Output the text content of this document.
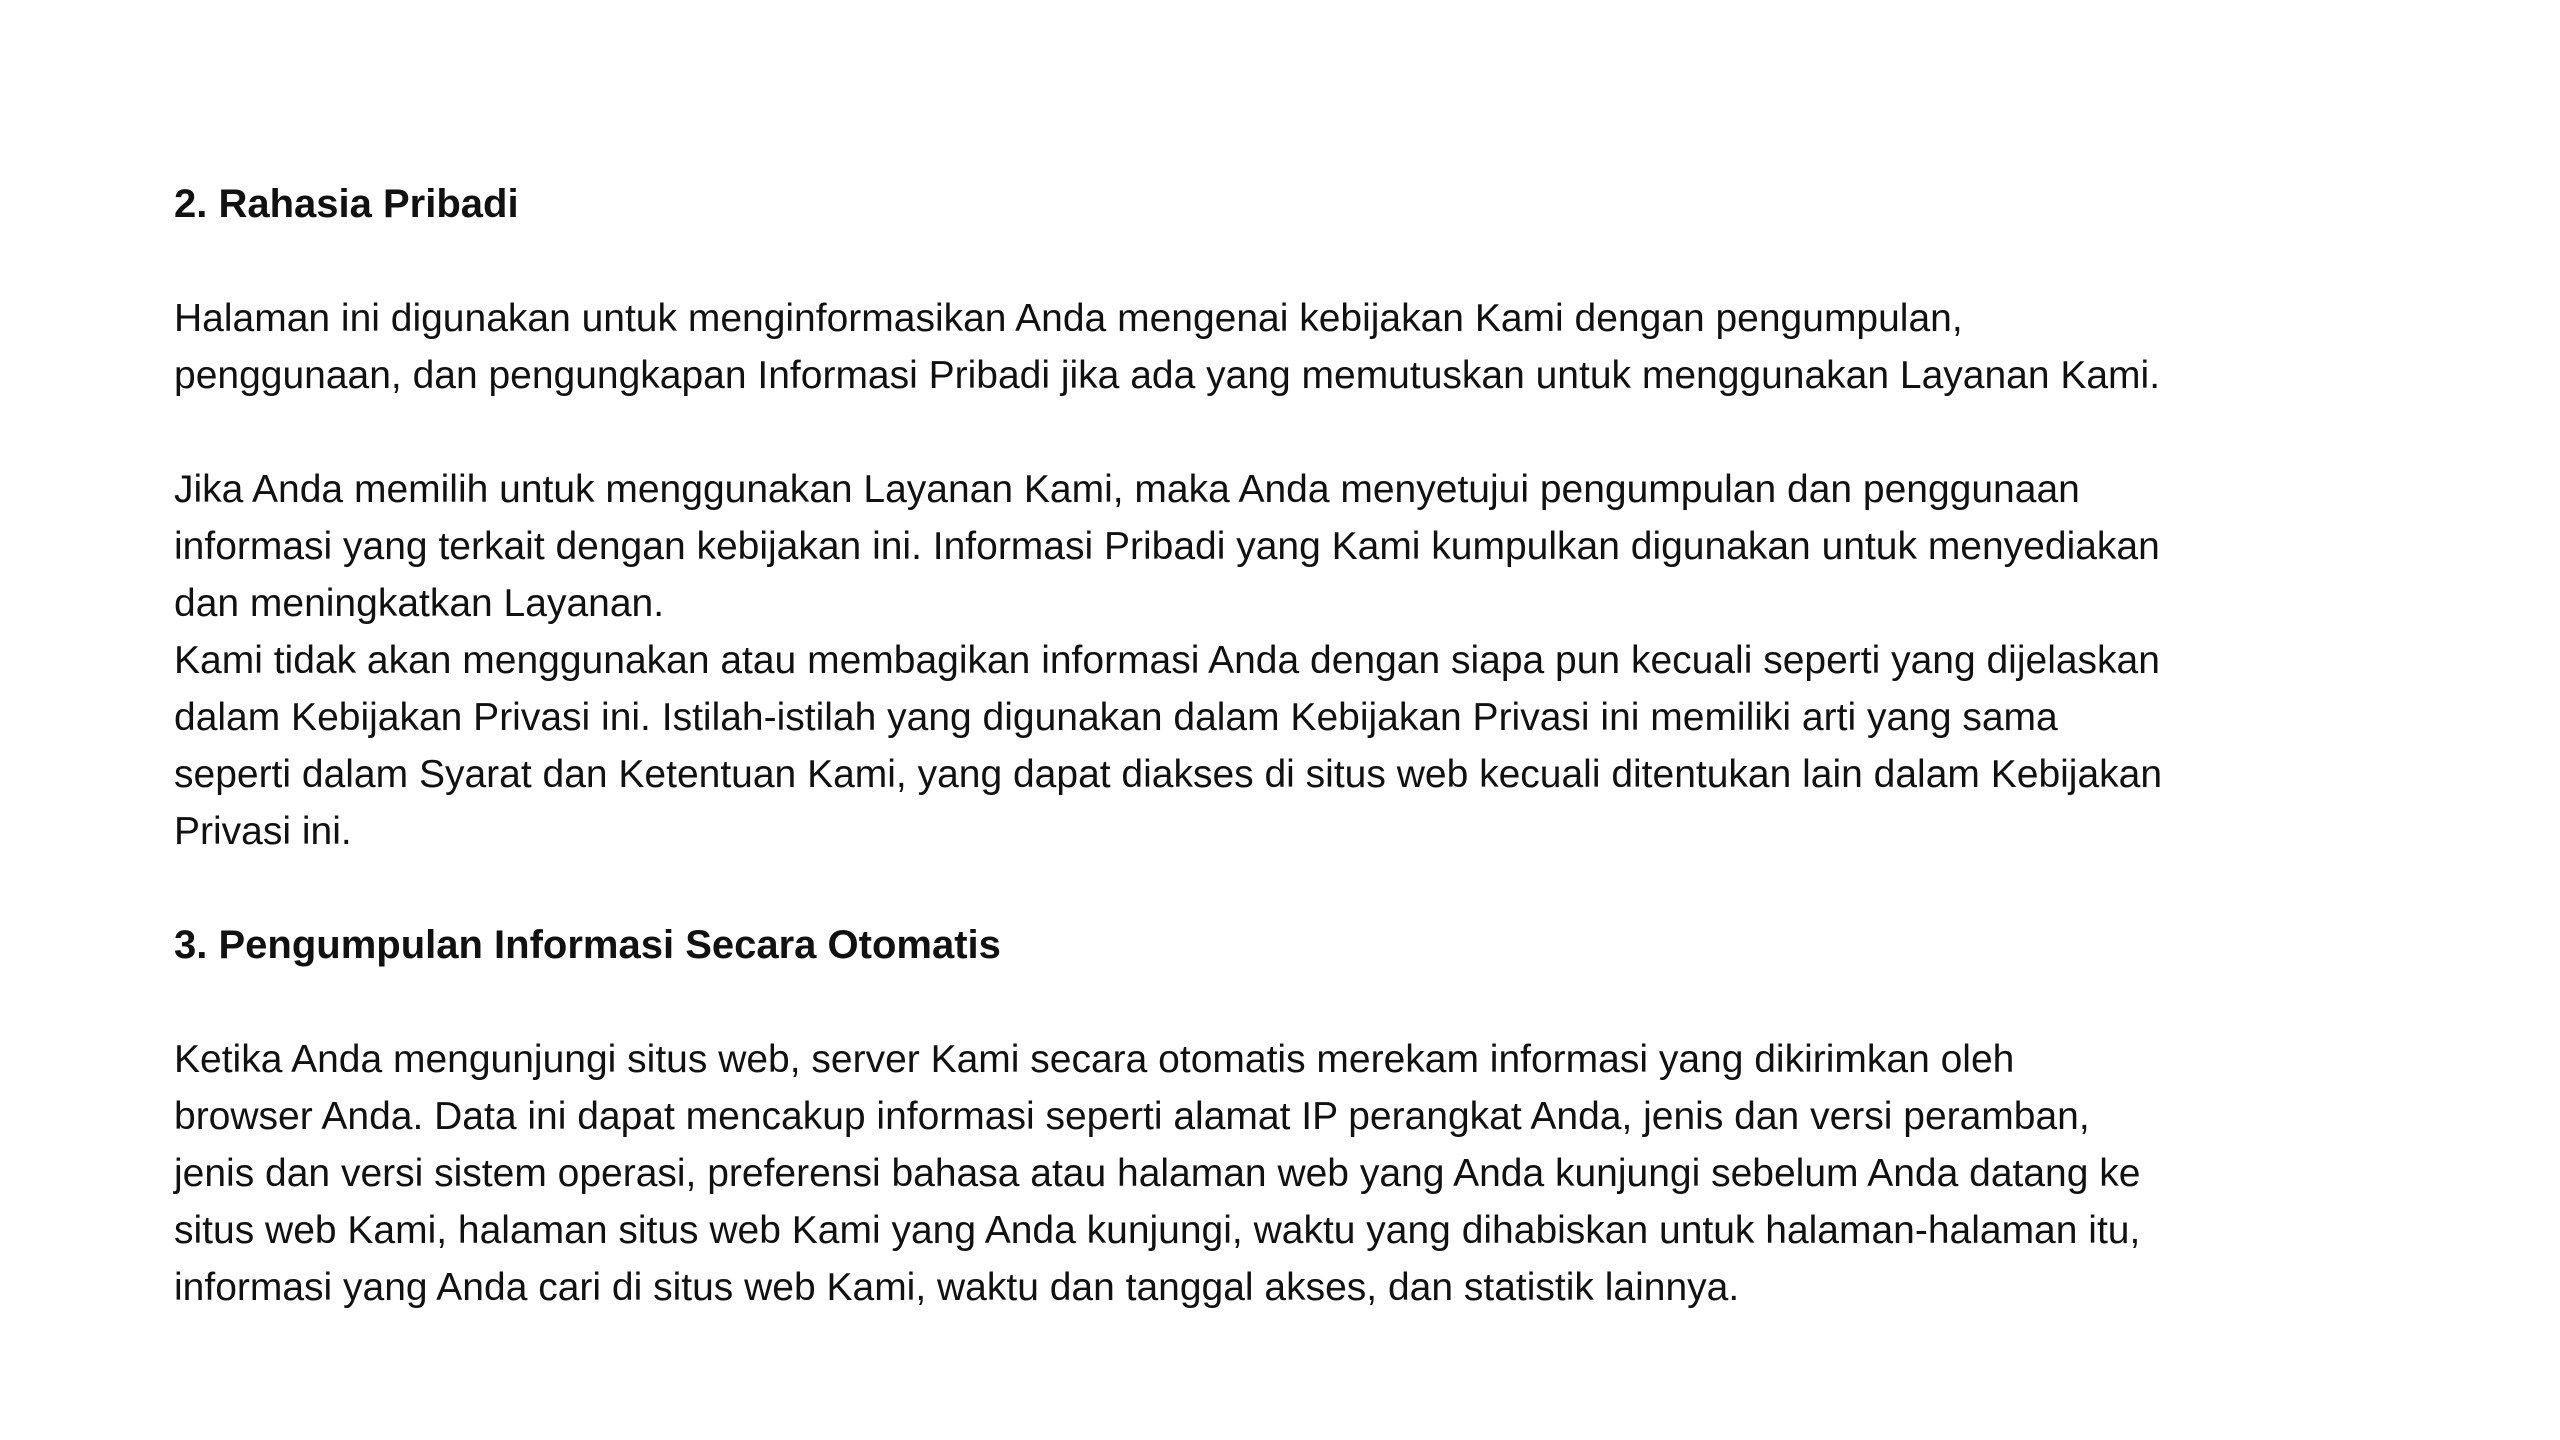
2. Rahasia Pribadi

Halaman ini digunakan untuk menginformasikan Anda mengenai kebijakan Kami dengan pengumpulan,
penggunaan, dan pengungkapan Informasi Pribadi jika ada yang memutuskan untuk menggunakan Layanan Kami.

Jika Anda memilih untuk menggunakan Layanan Kami, maka Anda menyetujui pengumpulan dan penggunaan
informasi yang terkait dengan kebijakan ini. Informasi Pribadi yang Kami kumpulkan digunakan untuk menyediakan
dan meningkatkan Layanan.
Kami tidak akan menggunakan atau membagikan informasi Anda dengan siapa pun kecuali seperti yang dijelaskan
dalam Kebijakan Privasi ini. Istilah-istilah yang digunakan dalam Kebijakan Privasi ini memiliki arti yang sama
seperti dalam Syarat dan Ketentuan Kami, yang dapat diakses di situs web kecuali ditentukan lain dalam Kebijakan
Privasi ini.

3. Pengumpulan Informasi Secara Otomatis

Ketika Anda mengunjungi situs web, server Kami secara otomatis merekam informasi yang dikirimkan oleh
browser Anda. Data ini dapat mencakup informasi seperti alamat IP perangkat Anda, jenis dan versi peramban,
jenis dan versi sistem operasi, preferensi bahasa atau halaman web yang Anda kunjungi sebelum Anda datang ke
situs web Kami, halaman situs web Kami yang Anda kunjungi, waktu yang dihabiskan untuk halaman-halaman itu,
informasi yang Anda cari di situs web Kami, waktu dan tanggal akses, dan statistik lainnya.
